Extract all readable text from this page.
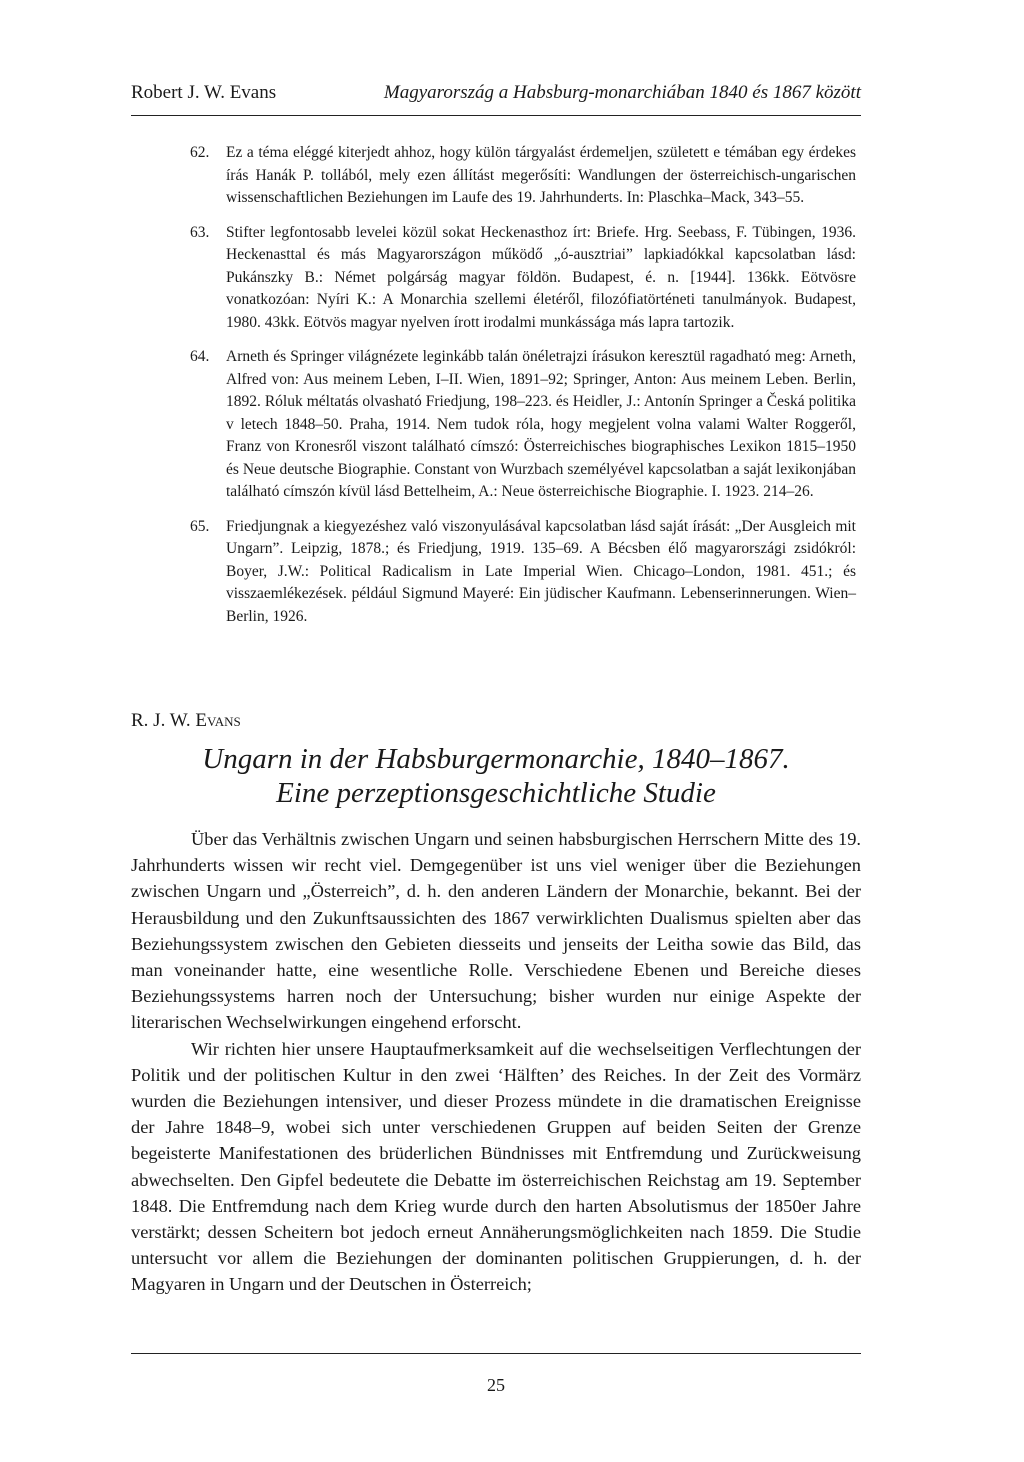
Robert J. W. Evans	Magyarország a Habsburg-monarchiában 1840 és 1867 között
62. Ez a téma eléggé kiterjedt ahhoz, hogy külön tárgyalást érdemeljen, született e témában egy érdekes írás Hanák P. tollából, mely ezen állítást megerősíti: Wandlungen der österreichisch-ungarischen wissenschaftlichen Beziehungen im Laufe des 19. Jahrhunderts. In: Plaschka–Mack, 343–55.
63. Stifter legfontosabb levelei közül sokat Heckenasthoz írt: Briefe. Hrg. Seebass, F. Tübingen, 1936. Heckenasttal és más Magyarországon működő „ó-ausztriai” lapkiadókkal kapcsolatban lásd: Pukánszky B.: Német polgárság magyar földön. Budapest, é. n. [1944]. 136kk. Eötvösre vonatkozóan: Nyíri K.: A Monarchia szellemi életéről, filozófiatörténeti tanulmányok. Budapest, 1980. 43kk. Eötvös magyar nyelven írott irodalmi munkássága más lapra tartozik.
64. Arneth és Springer világnézete leginkább talán önéletrajzi írásukon keresztül ragadható meg: Arneth, Alfred von: Aus meinem Leben, I–II. Wien, 1891–92; Springer, Anton: Aus meinem Leben. Berlin, 1892. Róluk méltatás olvasható Friedjung, 198–223. és Heidler, J.: Antonín Springer a Česká politika v letech 1848–50. Praha, 1914. Nem tudok róla, hogy megjelent volna valami Walter Roggeről, Franz von Kronesről viszont található címszó: Österreichisches biographisches Lexikon 1815–1950 és Neue deutsche Biographie. Constant von Wurzbach személyével kapcsolatban a saját lexikonjában található címszón kívül lásd Bettelheim, A.: Neue österreichische Biographie. I. 1923. 214–26.
65. Friedjungnak a kiegyezéshez való viszonyulásával kapcsolatban lásd saját írását: „Der Ausgleich mit Ungarn”. Leipzig, 1878.; és Friedjung, 1919. 135–69. A Bécsben élő magyarországi zsidókról: Boyer, J.W.: Political Radicalism in Late Imperial Wien. Chicago–London, 1981. 451.; és visszaemlékezések. például Sigmund Mayeré: Ein jüdischer Kaufmann. Lebenserinnerungen. Wien–Berlin, 1926.
R. J. W. Evans
Ungarn in der Habsburgermonarchie, 1840–1867.
Eine perzeptionsgeschichtliche Studie

Über das Verhältnis zwischen Ungarn und seinen habsburgischen Herrschern Mitte des 19. Jahrhunderts wissen wir recht viel. Demgegenüber ist uns viel weniger über die Beziehungen zwischen Ungarn und „Österreich”, d. h. den anderen Ländern der Monarchie, bekannt. Bei der Herausbildung und den Zukunftsaussichten des 1867 verwirklichten Dualismus spielten aber das Beziehungssystem zwischen den Gebieten diesseits und jenseits der Leitha sowie das Bild, das man voneinander hatte, eine wesentliche Rolle. Verschiedene Ebenen und Bereiche dieses Beziehungssystems harren noch der Untersuchung; bisher wurden nur einige Aspekte der literarischen Wechselwirkungen eingehend erforscht.

Wir richten hier unsere Hauptaufmerksamkeit auf die wechselseitigen Verflechtungen der Politik und der politischen Kultur in den zwei ‘Hälften’ des Reiches. In der Zeit des Vormärz wurden die Beziehungen intensiver, und dieser Prozess mündete in die dramatischen Ereignisse der Jahre 1848–9, wobei sich unter verschiedenen Gruppen auf beiden Seiten der Grenze begeisterte Manifestationen des brüderlichen Bündnisses mit Entfremdung und Zurückweisung abwechselten. Den Gipfel bedeutete die Debatte im österreichischen Reichstag am 19. September 1848. Die Entfremdung nach dem Krieg wurde durch den harten Absolutismus der 1850er Jahre verstärkt; dessen Scheitern bot jedoch erneut Annäherungsmöglichkeiten nach 1859. Die Studie untersucht vor allem die Beziehungen der dominanten politischen Gruppierungen, d. h. der Magyaren in Ungarn und der Deutschen in Österreich;

25
